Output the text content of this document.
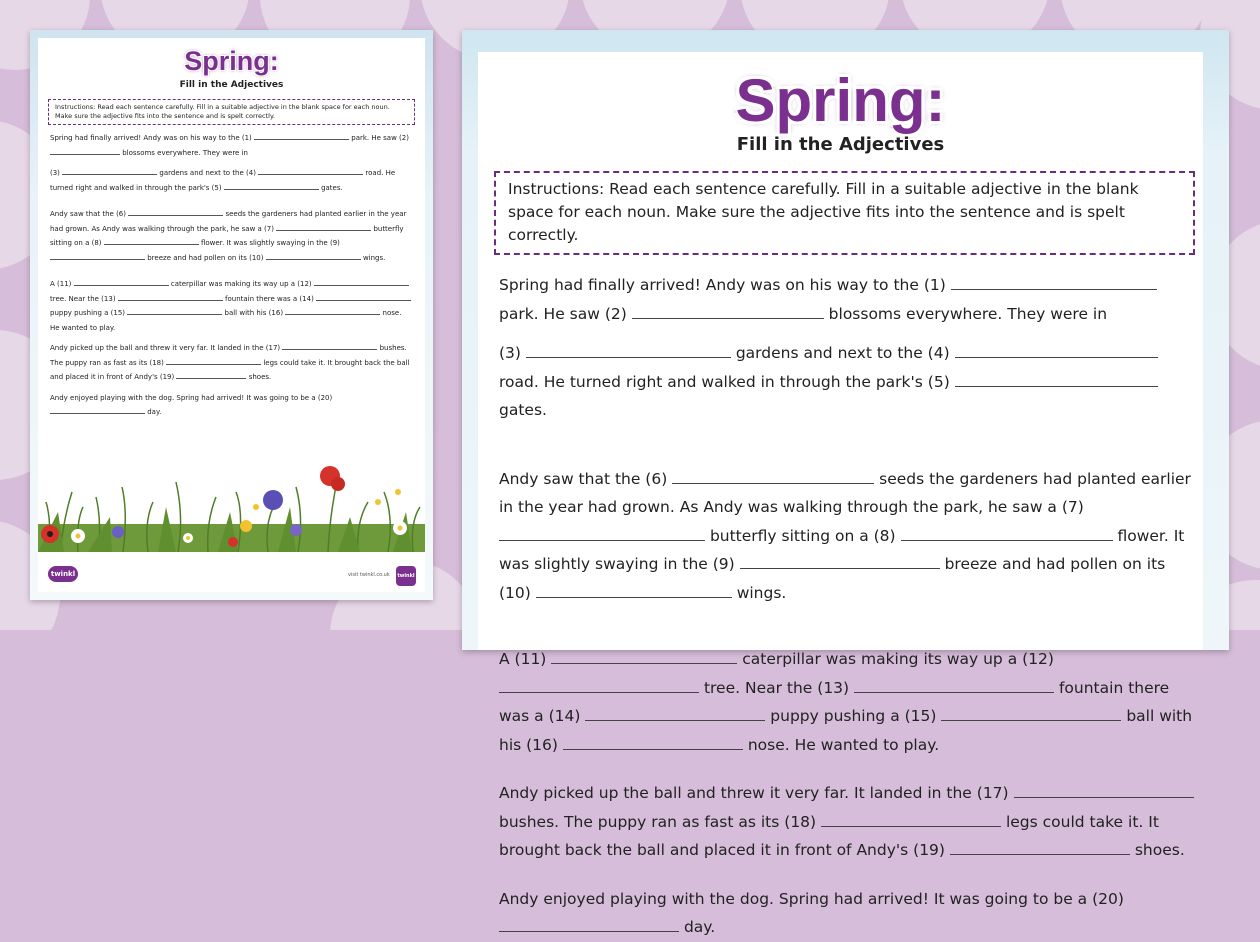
Spring:
Fill in the Adjectives
Instructions: Read each sentence carefully. Fill in a suitable adjective in the blank space for each noun. Make sure the adjective fits into the sentence and is spelt correctly.

Spring had finally arrived! Andy was on his way to the (1)	park. He saw (2)  blossoms everywhere. They were in

(3)	gardens and next to the (4)	road. He turned right and walked in through the park's (5)	gates.

Andy saw that the (6)	seeds the gardeners had planted earlier in the year had grown. As Andy was walking through the park, he saw a (7)	butterfly sitting on a (8)	flower. It was slightly swaying in the (9)  breeze and had pollen on its (10)	wings.

A (11)	caterpillar was making its way up a (12)  tree. Near the (13)	fountain there was a (14)  puppy pushing a (15)	ball with his (16)	nose. He wanted to play.

Andy picked up the ball and threw it very far. It landed in the (17)	bushes. The puppy ran as fast as its (18)	legs could take it. It brought back the ball and placed it in front of Andy's (19)	shoes.

Andy enjoyed playing with the dog. Spring had arrived! It was going to be a (20)  day.

twinkl	visit twinkl.co.uk twinkl
Spring:
Fill in the Adjectives
Instructions: Read each sentence carefully. Fill in a suitable adjective in the blank space for each noun. Make sure the adjective fits into the sentence and is spelt correctly.

Spring had finally arrived! Andy was on his way to the (1)  park. He saw (2)	blossoms everywhere. They were in

(3)	gardens and next to the (4)  road. He turned right and walked in through the park's (5)  gates.

Andy saw that the (6)	seeds the gardeners had planted earlier in the year had grown. As Andy was walking through the park, he saw a (7)  butterfly sitting on a (8)	flower. It was slightly swaying in the (9)	breeze and had pollen on its (10)	wings.

A (11)	caterpillar was making its way up a (12)  tree. Near the (13)	fountain there was a (14)	puppy pushing a (15)	ball with his (16)	nose. He wanted to play.

Andy picked up the ball and threw it very far. It landed in the (17)  bushes. The puppy ran as fast as its (18)	legs could take it. It brought back the ball and placed it in front of Andy's (19)	shoes.

Andy enjoyed playing with the dog. Spring had arrived! It was going to be a (20)  day.
